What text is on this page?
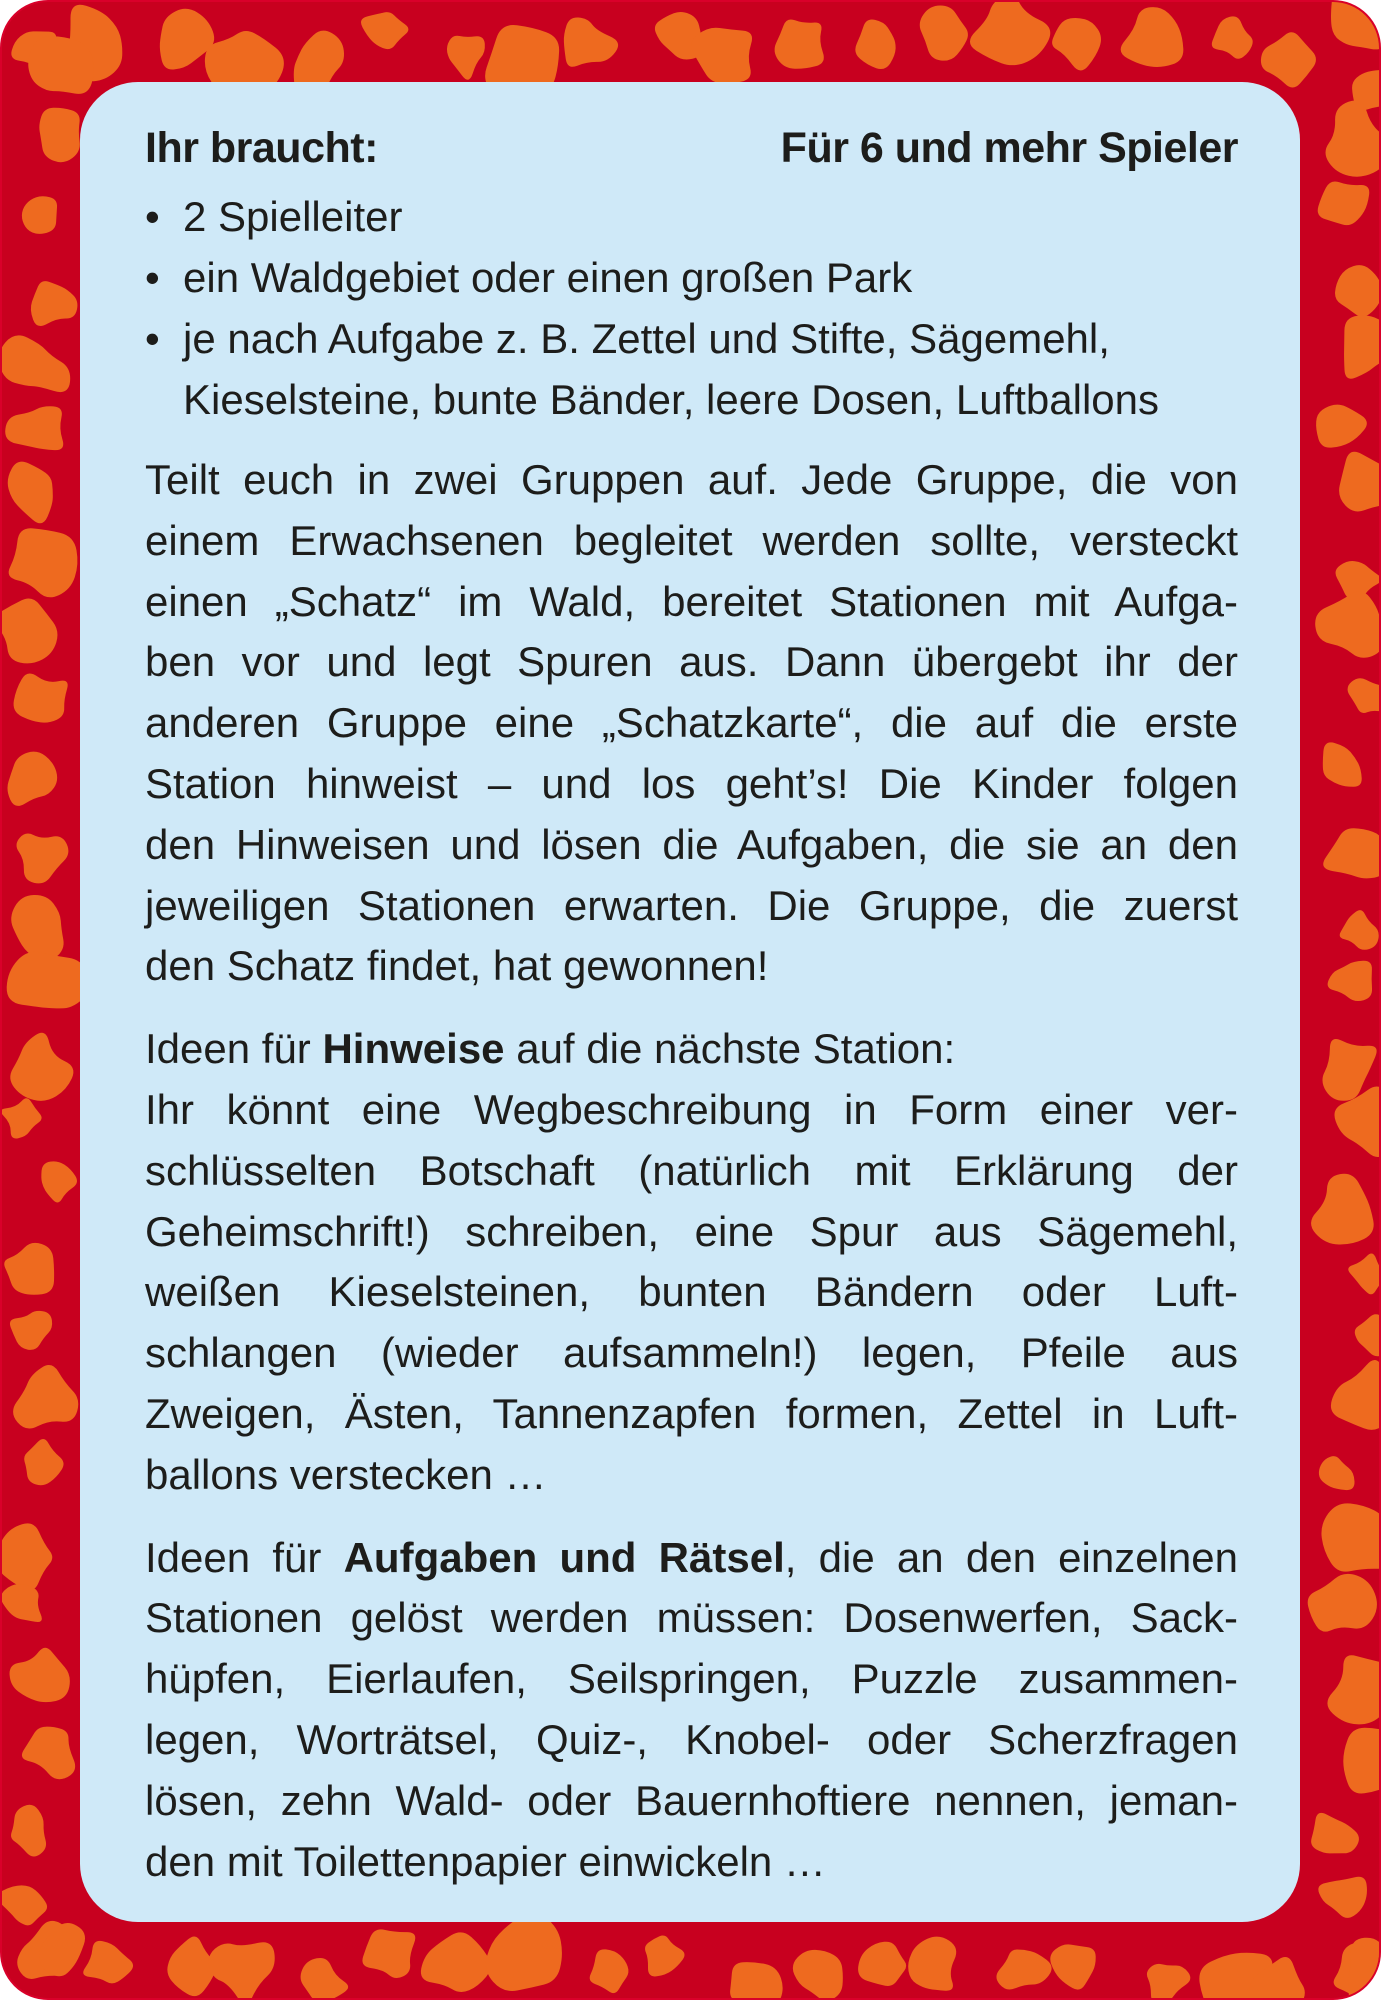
Ihr braucht:	Für 6 und mehr Spieler
• 2 Spielleiter
• ein Waldgebiet oder einen großen Park
• je nach Aufgabe z. B. Zettel und Stifte, Sägemehl,
Kieselsteine, bunte Bänder, leere Dosen, Luftballons

Teilt euch in zwei Gruppen auf. Jede Gruppe, die von
einem Erwachsenen begleitet werden sollte, versteckt
einen „Schatz“ im Wald, bereitet Stationen mit Aufga-
ben vor und legt Spuren aus. Dann übergebt ihr der
anderen Gruppe eine „Schatzkarte“, die auf die erste
Station hinweist – und los geht’s! Die Kinder folgen
den Hinweisen und lösen die Aufgaben, die sie an den
jeweiligen Stationen erwarten. Die Gruppe, die zuerst
den Schatz findet, hat gewonnen!

Ideen für Hinweise auf die nächste Station:
Ihr könnt eine Wegbeschreibung in Form einer ver-
schlüsselten Botschaft (natürlich mit Erklärung der
Geheimschrift!) schreiben, eine Spur aus Sägemehl,
weißen Kieselsteinen, bunten Bändern oder Luft-
schlangen (wieder aufsammeln!) legen, Pfeile aus
Zweigen, Ästen, Tannenzapfen formen, Zettel in Luft-
ballons verstecken …

Ideen für Aufgaben und Rätsel, die an den einzelnen
Stationen gelöst werden müssen: Dosenwerfen, Sack-
hüpfen, Eierlaufen, Seilspringen, Puzzle zusammen-
legen, Worträtsel, Quiz-, Knobel- oder Scherzfragen
lösen, zehn Wald- oder Bauernhoftiere nennen, jeman-
den mit Toilettenpapier einwickeln …
